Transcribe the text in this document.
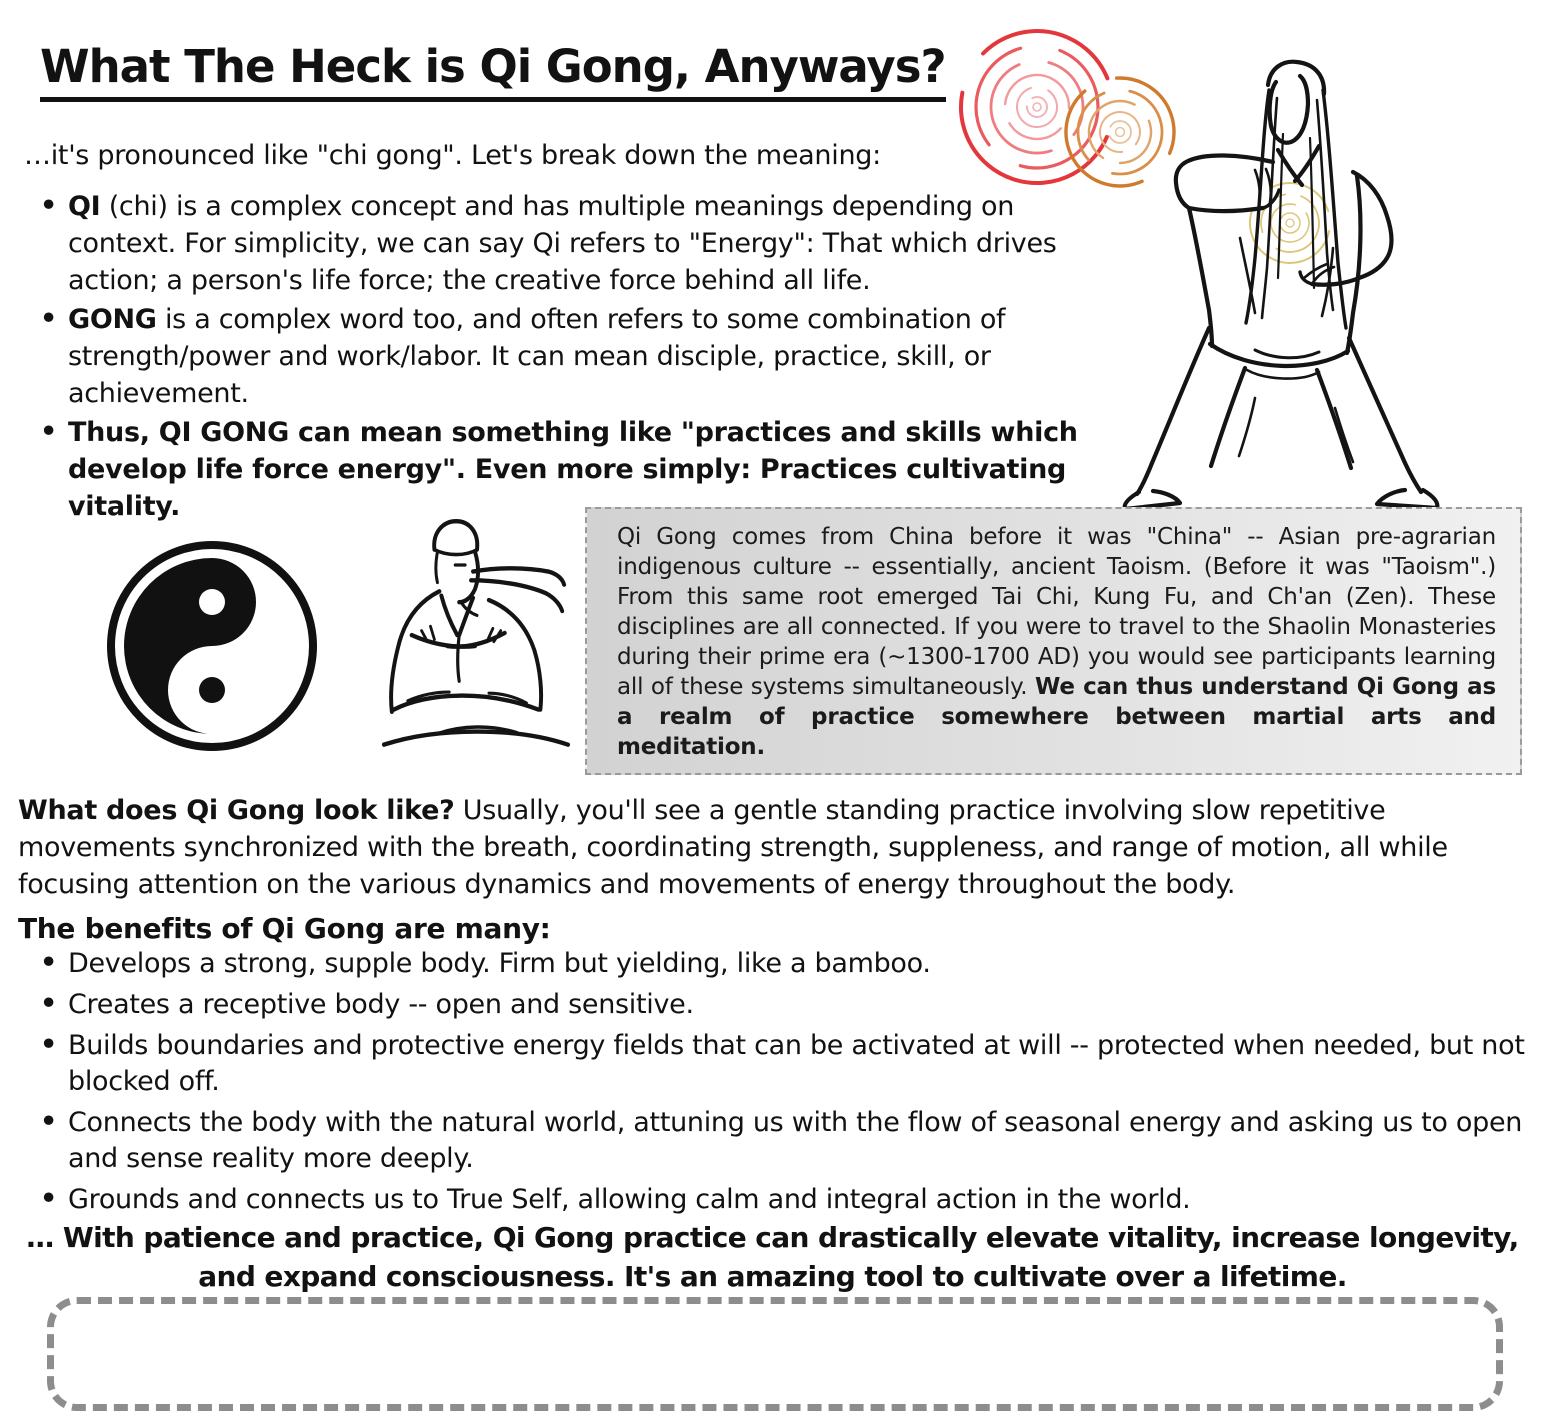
What The Heck is Qi Gong, Anyways?
…it's pronounced like "chi gong". Let's break down the meaning:
• QI (chi) is a complex concept and has multiple meanings depending on context. For simplicity, we can say Qi refers to "Energy": That which drives action; a person's life force; the creative force behind all life.
• GONG is a complex word too, and often refers to some combination of strength/power and work/labor. It can mean disciple, practice, skill, or achievement.
• Thus, QI GONG can mean something like "practices and skills which develop life force energy". Even more simply: Practices cultivating vitality.
Qi Gong comes from China before it was "China" -- Asian pre-agrarian indigenous culture -- essentially, ancient Taoism. (Before it was "Taoism".) From this same root emerged Tai Chi, Kung Fu, and Ch'an (Zen). These disciplines are all connected. If you were to travel to the Shaolin Monasteries during their prime era (~1300-1700 AD) you would see participants learning all of these systems simultaneously. We can thus understand Qi Gong as a realm of practice somewhere between martial arts and meditation.
What does Qi Gong look like? Usually, you'll see a gentle standing practice involving slow repetitive movements synchronized with the breath, coordinating strength, suppleness, and range of motion, all while focusing attention on the various dynamics and movements of energy throughout the body.
The benefits of Qi Gong are many:
• Develops a strong, supple body. Firm but yielding, like a bamboo.
• Creates a receptive body -- open and sensitive.
• Builds boundaries and protective energy fields that can be activated at will -- protected when needed, but not blocked off.
• Connects the body with the natural world, attuning us with the flow of seasonal energy and asking us to open and sense reality more deeply.
• Grounds and connects us to True Self, allowing calm and integral action in the world.
… With patience and practice, Qi Gong practice can drastically elevate vitality, increase longevity, and expand consciousness. It's an amazing tool to cultivate over a lifetime.
